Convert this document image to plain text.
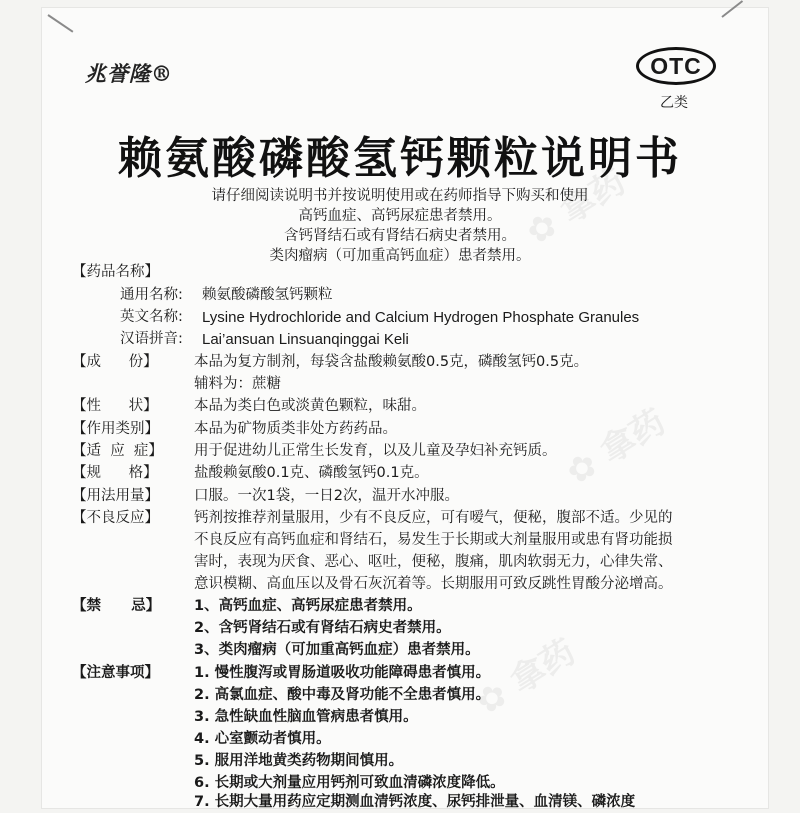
兆誉隆®	OTC
乙类
赖氨酸磷酸氢钙颗粒说明书
请仔细阅读说明书并按说明使用或在药师指导下购买和使用
高钙血症、高钙尿症患者禁用。
含钙肾结石或有肾结石病史者禁用。
类肉瘤病（可加重高钙血症）患者禁用。
【药品名称】
通用名称: 赖氨酸磷酸氢钙颗粒
英文名称: Lysine Hydrochloride and Calcium Hydrogen Phosphate Granules
汉语拼音: Lai’ansuan Linsuanqinggai Keli
【成      份】	本品为复方制剂，每袋含盐酸赖氨酸0.5克，磷酸氢钙0.5克。
辅料为：蔗糖
【性      状】	本品为类白色或淡黄色颗粒，味甜。
【作用类别】 本品为矿物质类非处方药药品。
【适  应  症】 用于促进幼儿正常生长发育，以及儿童及孕妇补充钙质。
【规      格】	盐酸赖氨酸0.1克、磷酸氢钙0.1克。
【用法用量】 口服。一次1袋，一日2次，温开水冲服。
【不良反应】 钙剂按推荐剂量服用，少有不良反应，可有嗳气，便秘，腹部不适。少见的
不良反应有高钙血症和肾结石，易发生于长期或大剂量服用或患有肾功能损
害时，表现为厌食、恶心、呕吐，便秘，腹痛，肌肉软弱无力，心律失常、
意识模糊、高血压以及骨石灰沉着等。长期服用可致反跳性胃酸分泌增高。
【禁      忌】 1、高钙血症、高钙尿症患者禁用。
2、含钙肾结石或有肾结石病史者禁用。
3、类肉瘤病（可加重高钙血症）患者禁用。
【注意事项】 1. 慢性腹泻或胃肠道吸收功能障碍患者慎用。
2. 高氯血症、酸中毒及肾功能不全患者慎用。
3. 急性缺血性脑血管病患者慎用。
4. 心室颤动者慎用。
5. 服用洋地黄类药物期间慎用。
6. 长期或大剂量应用钙剂可致血清磷浓度降低。
7. 长期大量用药应定期测血清钙浓度、尿钙排泄量、血清镁、磷浓度
